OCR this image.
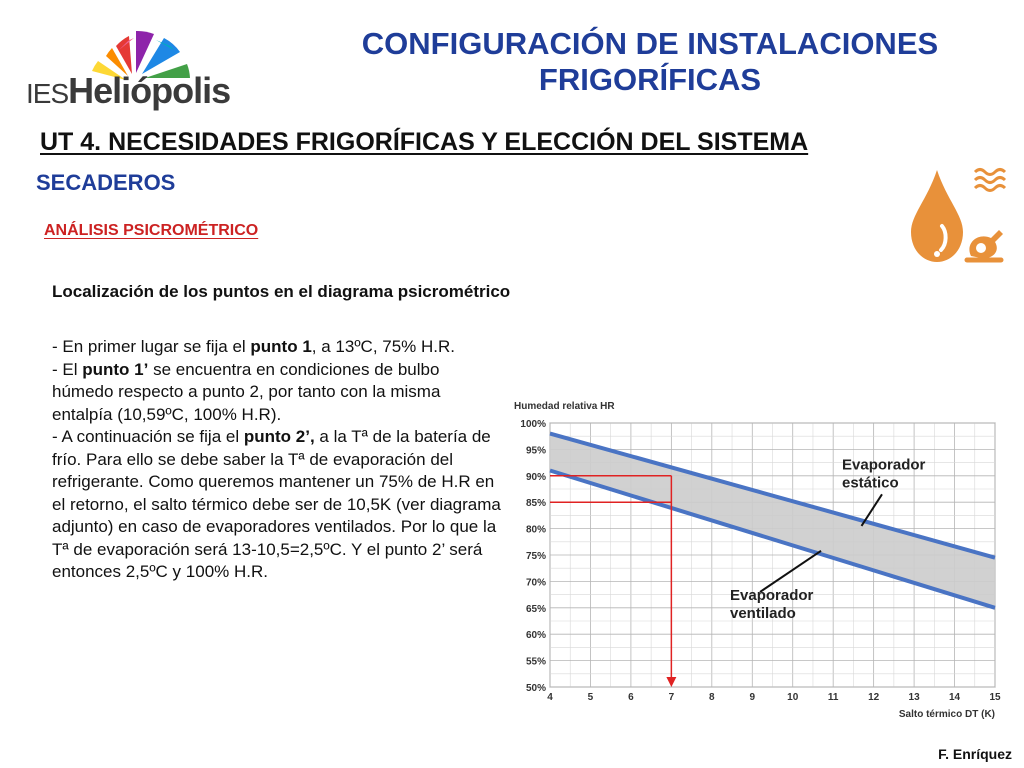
IESHeliópolis
CONFIGURACIÓN DE INSTALACIONES
FRIGORÍFICAS
UT 4. NECESIDADES FRIGORÍFICAS Y ELECCIÓN DEL SISTEMA
SECADEROS
ANÁLISIS PSICROMÉTRICO
Localización de los puntos en el diagrama psicrométrico

- En primer lugar se fija el punto 1, a 13ºC, 75% H.R.

- El punto 1’ se encuentra en condiciones de bulbo húmedo respecto a punto 2, por tanto con la misma entalpía (10,59ºC, 100% H.R).

- A continuación se fija el punto 2’, a la Tª de la batería de frío. Para ello se debe saber la Tª de evaporación del refrigerante. Como queremos mantener un 75% de H.R en el retorno, el salto térmico debe ser de 10,5K (ver diagrama adjunto) en caso de evaporadores ventilados. Por lo que la Tª de evaporación será 13-10,5=2,5ºC. Y el punto 2’ será entonces 2,5ºC y 100% H.R.

Humedad relativa HR
Salto térmico DT (K)
100%
95%
90%
85%
80%
75%
70%
65%
60%
55%
50%
4	5	6	7	8	9	10	11	12	13	14	15
Evaporador
estático
Evaporador
ventilado
F. Enríquez
